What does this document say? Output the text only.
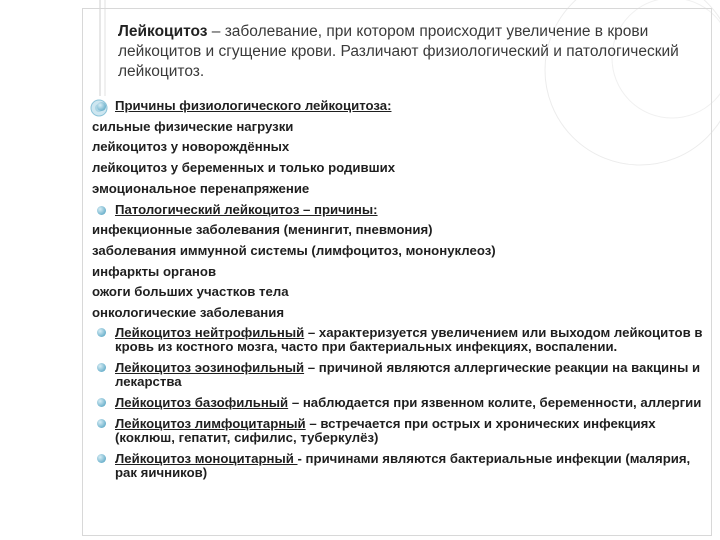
Лейкоцитоз – заболевание, при котором происходит увеличение в крови лейкоцитов и сгущение крови. Различают физиологический и патологический лейкоцитоз.
Причины физиологического лейкоцитоза:
сильные физические нагрузки
лейкоцитоз у новорождённых
лейкоцитоз у беременных и только родивших
эмоциональное перенапряжение
Патологический лейкоцитоз – причины:
инфекционные заболевания (менингит, пневмония)
заболевания иммунной системы (лимфоцитоз, мононуклеоз)
инфаркты органов
ожоги больших участков тела
онкологические заболевания
Лейкоцитоз нейтрофильный – характеризуется увеличением или выходом лейкоцитов в кровь из костного мозга, часто при бактериальных инфекциях, воспалении.
Лейкоцитоз эозинофильный – причиной являются аллергические реакции на вакцины и лекарства
Лейкоцитоз базофильный – наблюдается при язвенном колите, беременности, аллергии
Лейкоцитоз лимфоцитарный – встречается при острых и хронических инфекциях (коклюш, гепатит, сифилис, туберкулёз)
Лейкоцитоз моноцитарный - причинами являются бактериальные инфекции (малярия, рак яичников)
